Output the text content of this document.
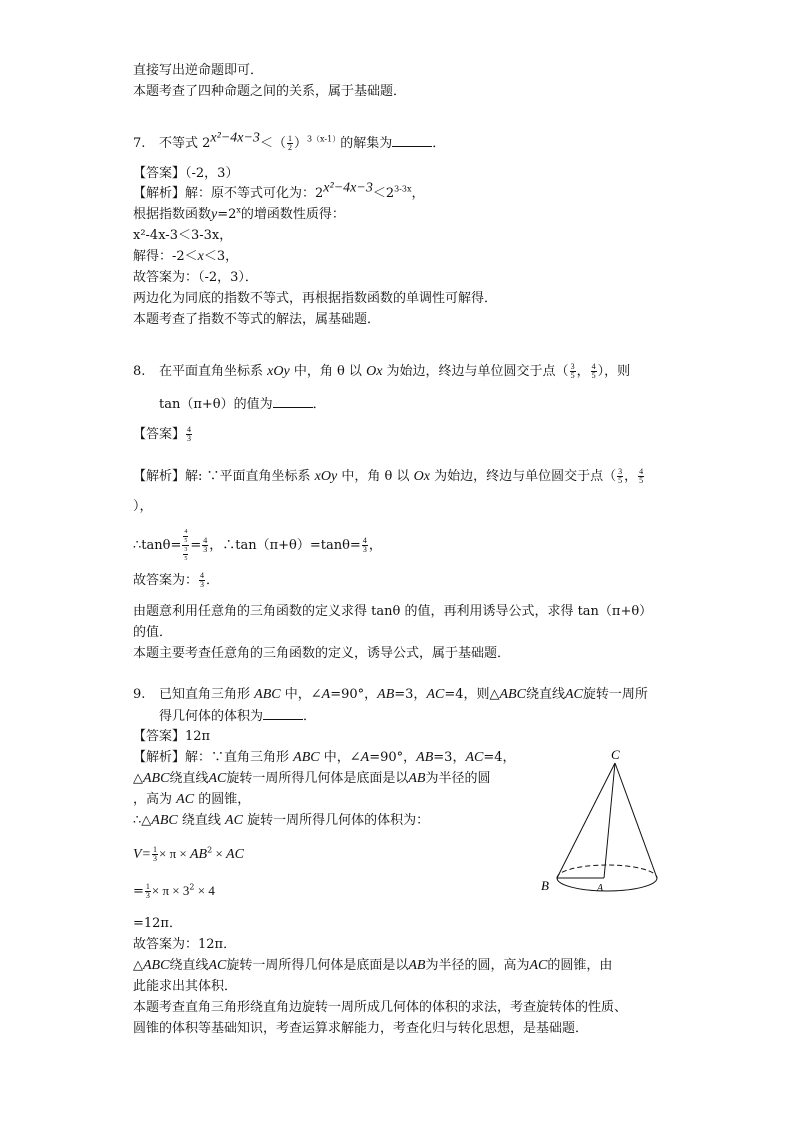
直接写出逆命题即可．
本题考查了四种命题之间的关系，属于基础题．
7. 不等式 $2^{x^2-4x-3}<( \frac{1}{2} )^{3(x-1)}$的解集为	．
【答案】（-2，3）
【解析】解：原不等式可化为：$2^{x^2-4x-3}<2^{3-3x}$，
根据指数函数$y=2^x$的增函数性质得：
x²-4x-3＜3-3x，
解得：-2＜x＜3，
故答案为：（-2，3）．
两边化为同底的指数不等式，再根据指数函数的单调性可解得．
本题考查了指数不等式的解法，属基础题．
8. 在平面直角坐标系 xOy 中，角 θ 以 Ox 为始边，终边与单位圆交于点（ $\frac{3}{5}$ ， $\frac{4}{5}$ ），则
tan（π+θ）的值为	．
【答案】 $\frac{4}{3}$
【解析】解: ∵平面直角坐标系 xOy 中，角 θ 以 Ox 为始边，终边与单位圆交于点（ $\frac{3}{5}$ ， $\frac{4}{5}$
），
∴tanθ= $\frac{\frac{4}{5}}{\frac{3}{5}} = \frac{4}{3}$ ，∴tan（π+θ）=tanθ= $\frac{4}{3}$ ，
故答案为： $\frac{4}{3}$ ．
由题意利用任意角的三角函数的定义求得 tanθ 的值，再利用诱导公式，求得 tan（π+θ）
的值．
本题主要考查任意角的三角函数的定义，诱导公式，属于基础题．
9. 已知直角三角形 ABC 中，∠A=90°，AB=3，AC=4，则△ABC绕直线AC旋转一周所
得几何体的体积为	．
【答案】12π
【解析】解：∵直角三角形 ABC 中，∠A=90°，AB=3，AC=4，
△ABC绕直线AC旋转一周所得几何体是底面是以AB为半径的圆
，高为 AC 的圆锥，
∴△ABC 绕直线 AC 旋转一周所得几何体的体积为：
$V= \frac{1}{3} \times \pi \times AB^2$ × AC
= $\frac{1}{3} \times \pi \times 3^2 \times 4$
=12π．
故答案为：12π．
△ABC绕直线AC旋转一周所得几何体是底面是以AB为半径的圆，高为AC的圆锥，由
此能求出其体积．
本题考查直角三角形绕直角边旋转一周所成几何体的体积的求法，考查旋转体的性质、
圆锥的体积等基础知识，考查运算求解能力，考查化归与转化思想，是基础题．
C
B	A
